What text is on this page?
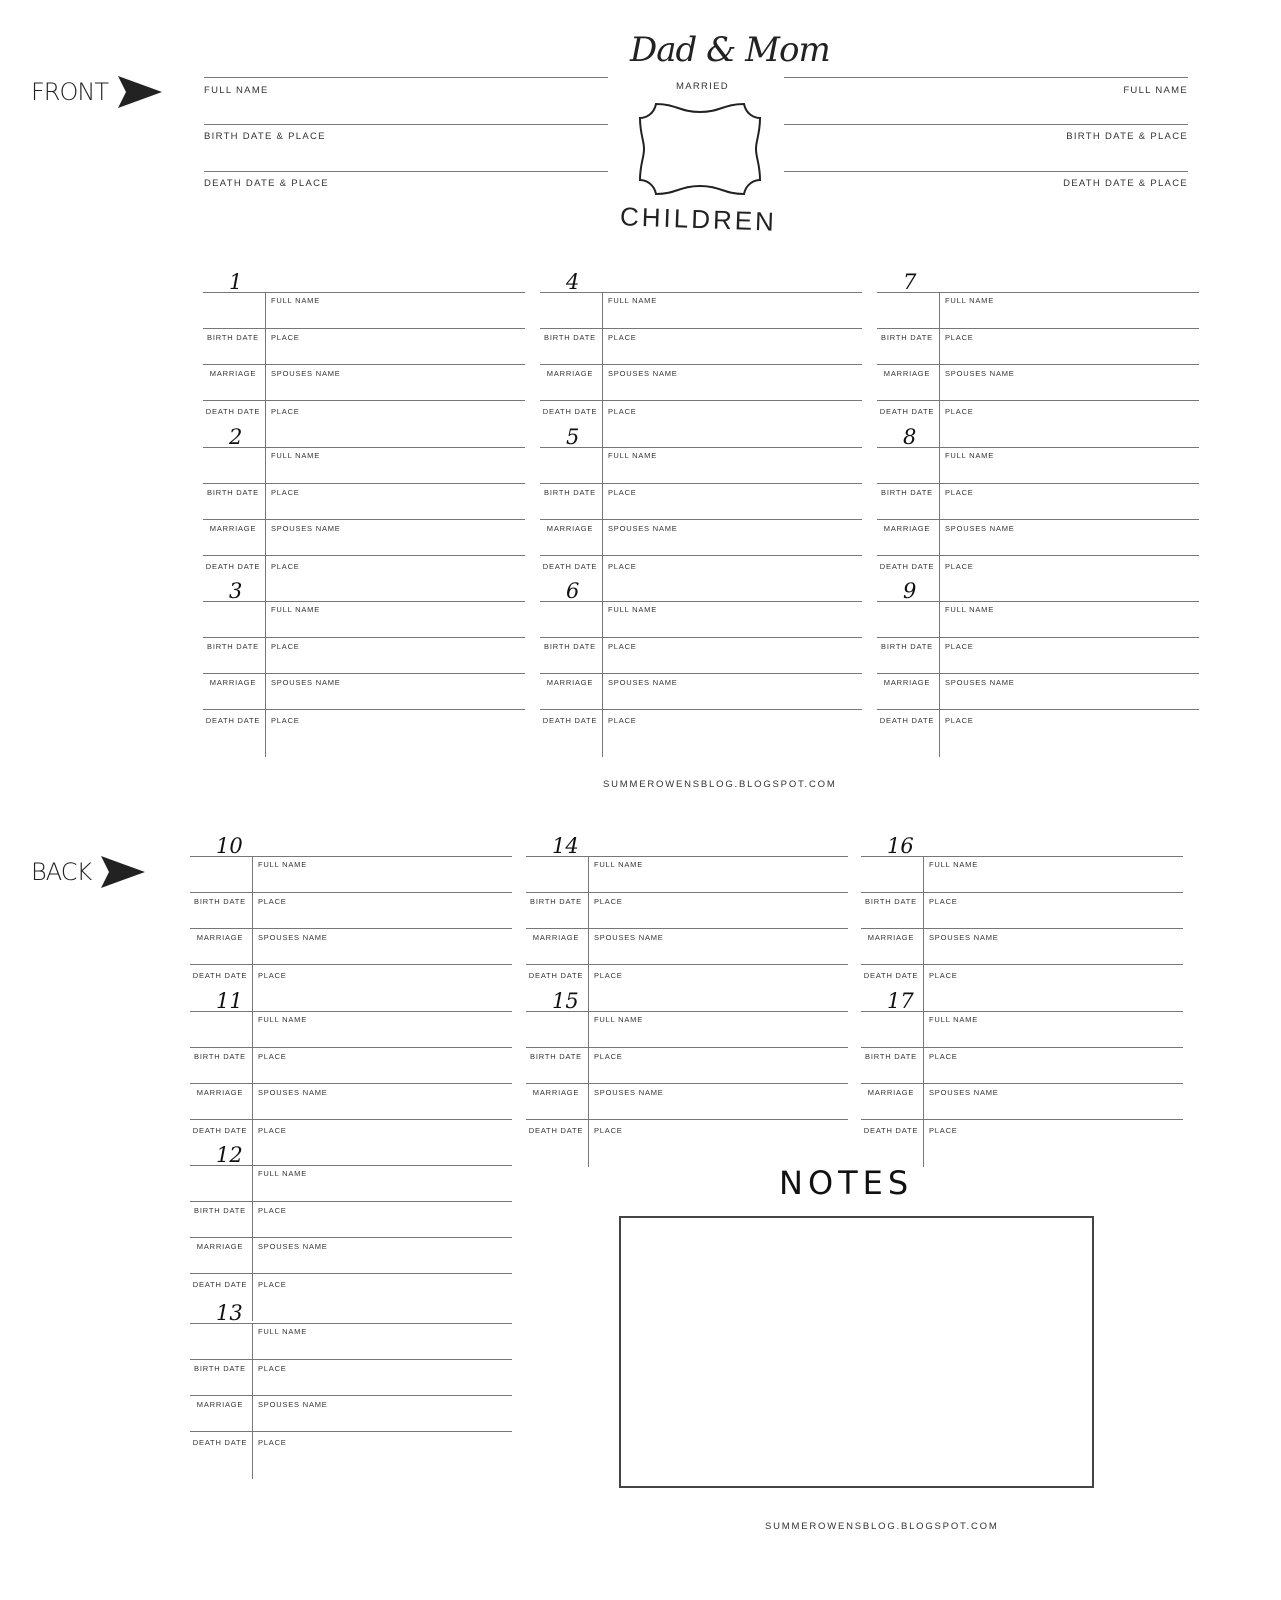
FRONT	FULL NAME
BIRTH DATE & PLACE
DEATH DATE & PLACE
FULL NAME
BIRTH DATE & PLACE
DEATH DATE & PLACE
Dad & Mom
MARRIED
CHILDREN
1
FULL NAME
BIRTH DATE	PLACE
MARRIAGE	SPOUSES NAME
DEATH DATE	PLACE
2
FULL NAME
BIRTH DATE	PLACE
MARRIAGE	SPOUSES NAME
DEATH DATE	PLACE
3
FULL NAME
BIRTH DATE	PLACE
MARRIAGE	SPOUSES NAME
DEATH DATE	PLACE
4
FULL NAME
BIRTH DATE	PLACE
MARRIAGE	SPOUSES NAME
DEATH DATE	PLACE
5
FULL NAME
BIRTH DATE	PLACE
MARRIAGE	SPOUSES NAME
DEATH DATE	PLACE
6
FULL NAME
BIRTH DATE	PLACE
MARRIAGE	SPOUSES NAME
DEATH DATE	PLACE
7
FULL NAME
BIRTH DATE	PLACE
MARRIAGE	SPOUSES NAME
DEATH DATE	PLACE
8
FULL NAME
BIRTH DATE	PLACE
MARRIAGE	SPOUSES NAME
DEATH DATE	PLACE
9
FULL NAME
BIRTH DATE	PLACE
MARRIAGE	SPOUSES NAME
DEATH DATE	PLACE
SUMMEROWENSBLOG.BLOGSPOT.COM
BACK
10
FULL NAME
BIRTH DATE	PLACE
MARRIAGE	SPOUSES NAME
DEATH DATE	PLACE
11
FULL NAME
BIRTH DATE	PLACE
MARRIAGE	SPOUSES NAME
DEATH DATE	PLACE
12
FULL NAME
BIRTH DATE	PLACE
MARRIAGE	SPOUSES NAME
DEATH DATE	PLACE
13
FULL NAME
BIRTH DATE	PLACE
MARRIAGE	SPOUSES NAME
DEATH DATE	PLACE
14
FULL NAME
BIRTH DATE	PLACE
MARRIAGE	SPOUSES NAME
DEATH DATE	PLACE
15
FULL NAME
BIRTH DATE	PLACE
MARRIAGE	SPOUSES NAME
DEATH DATE	PLACE
16
FULL NAME
BIRTH DATE	PLACE
MARRIAGE	SPOUSES NAME
DEATH DATE	PLACE
17
FULL NAME
BIRTH DATE	PLACE
MARRIAGE	SPOUSES NAME
DEATH DATE	PLACE
NOTES
SUMMEROWENSBLOG.BLOGSPOT.COM
